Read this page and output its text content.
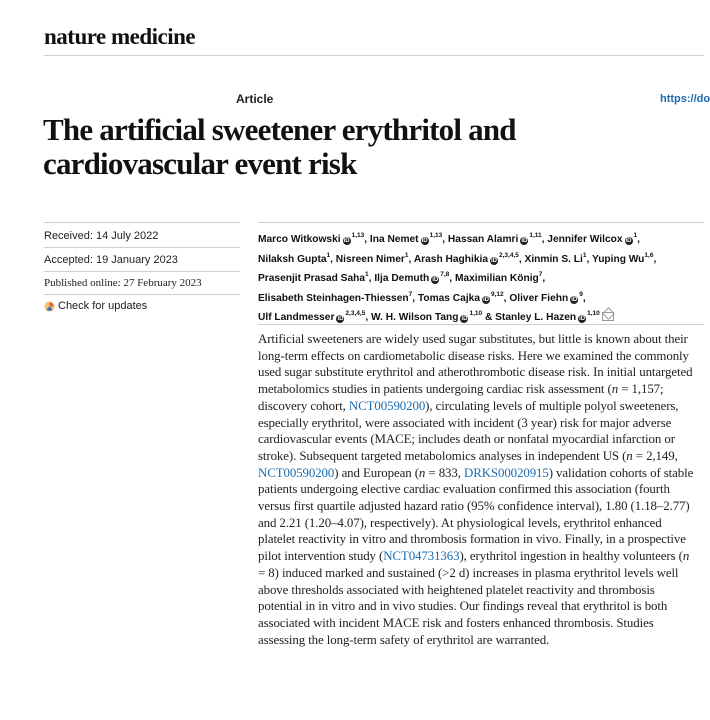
nature medicine
Article	https://do
The artificial sweetener erythritol and
cardiovascular event risk
Received: 14 July 2022
Accepted: 19 January 2023
Published online: 27 February 2023
Check for updates
Marco Witkowski iD$^{1,13}$, Ina Nemet iD$^{1,13}$, Hassan Alamri iD$^{1,11}$, Jennifer Wilcox $iD^1$, Nilaksh Gupta$^1$, Nisreen Nimer$^1$, Arash Haghikia iD$^{2,3,4,5}$, Xinmin S. Li$^1$, Yuping Wu$^{1,6}$, Prasenjit Prasad Saha$^1$, Ilja Demuth iD$^{7,8}$, Maximilian König$^7$, Elisabeth Steinhagen-Thiessen$^7$, Tomas Cajka iD$^{9,12}$, Oliver Fiehn $iD^9$, Ulf Landmesser iD$^{2,3,4,5}$, W. H. Wilson Tang iD$^{1,10}$ & Stanley L. Hazen iD$^{1,10}$

Artificial sweeteners are widely used sugar substitutes, but little is known about their long-term effects on cardiometabolic disease risks. Here we examined the commonly used sugar substitute erythritol and atherothrombotic disease risk. In initial untargeted metabolomics studies in patients undergoing cardiac risk assessment (n = 1,157; discovery cohort, NCT00590200), circulating levels of multiple polyol sweeteners, especially erythritol, were associated with incident (3 year) risk for major adverse cardiovascular events (MACE; includes death or nonfatal myocardial infarction or stroke). Subsequent targeted metabolomics analyses in independent US (n = 2,149, NCT00590200) and European (n = 833, DRKS00020915) validation cohorts of stable patients undergoing elective cardiac evaluation confirmed this association (fourth versus first quartile adjusted hazard ratio (95% confidence interval), 1.80 (1.18–2.77) and 2.21 (1.20–4.07), respectively). At physiological levels, erythritol enhanced platelet reactivity in vitro and thrombosis formation in vivo. Finally, in a prospective pilot intervention study (NCT04731363), erythritol ingestion in healthy volunteers (n = 8) induced marked and sustained (>2 d) increases in plasma erythritol levels well above thresholds associated with heightened platelet reactivity and thrombosis potential in in vitro and in vivo studies. Our findings reveal that erythritol is both associated with incident MACE risk and fosters enhanced thrombosis. Studies assessing the long-term safety of erythritol are warranted.
